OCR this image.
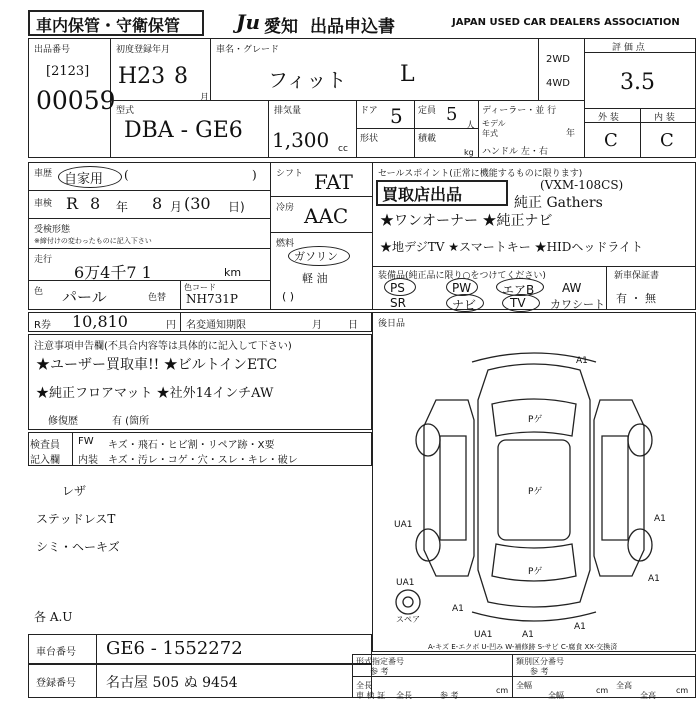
車内保管・守衛保管	Ju 愛知 出品申込書	JAPAN USED CAR DEALERS ASSOCIATION
出品番号
[2123]
00059
初度登録年月
H23 8
月
車名・グレード
フィット L
2WD
4WD
評 価 点
3.5
型式
DBA - GE6
排気量
1,300 cc
ドア 5
形状
定員 5
人
積載
kg
ディーラー・並 行
モデル
年式	年
ハンドル 左・右
外 装	内 装
C C
車歴 自家用 (	)
車検 R 8 年 8 月 (30 日)
受検形態
※締付けの変わったものに記入下さい
走行
6万4千7 1	km
色 パール	色替
色コード
NH731P
シフト FAT
冷房 AAC
燃料
ガソリン
軽 油
( )
セールスポイント(正常に機能するものに限ります)
買取店出品	(VXM-108CS)
純正 Gathers
★ワンオーナー ★純正ナビ
★地デジTV ★スマートキー ★HIDヘッドライト
装備品(純正品に限り○をつけてください)
PS	PW	エアB AW
SR	ナビ	TV カワシート
新車保証書
有 ・ 無
R券 10,810	円 名変通知期限	月	日 後日品
注意事項申告欄(不具合内容等は具体的に記入して下さい)
★ユーザー買取車!! ★ビルトインETC
★純正フロアマット ★社外14インチAW
修復歴	有 (箇所
検査員
記入欄
FW キズ・飛石・ヒビ割・リペア跡・X要
内装 キズ・汚レ・コゲ・穴・スレ・キレ・破レ
レザ
ステッドレスT
シミ・ヘーキズ
各 A.U
車台番号 GE6 - 1552272
登録番号 名古屋 505 ぬ 9454
A1
Pゲ
Pゲ
Pゲ
UA1
UA1
A1
A1
A1
UA1	A1
A1
スペア
A-キズ E-エクボ U-凹み W-補修跡 S-サビ C-腐食 XX-交換済
形式指定番号	類別区分番号
参 考	参 考
全長	全幅	全高
cm	cm	cm
車 検 証 全長	全幅	全高
参 考
